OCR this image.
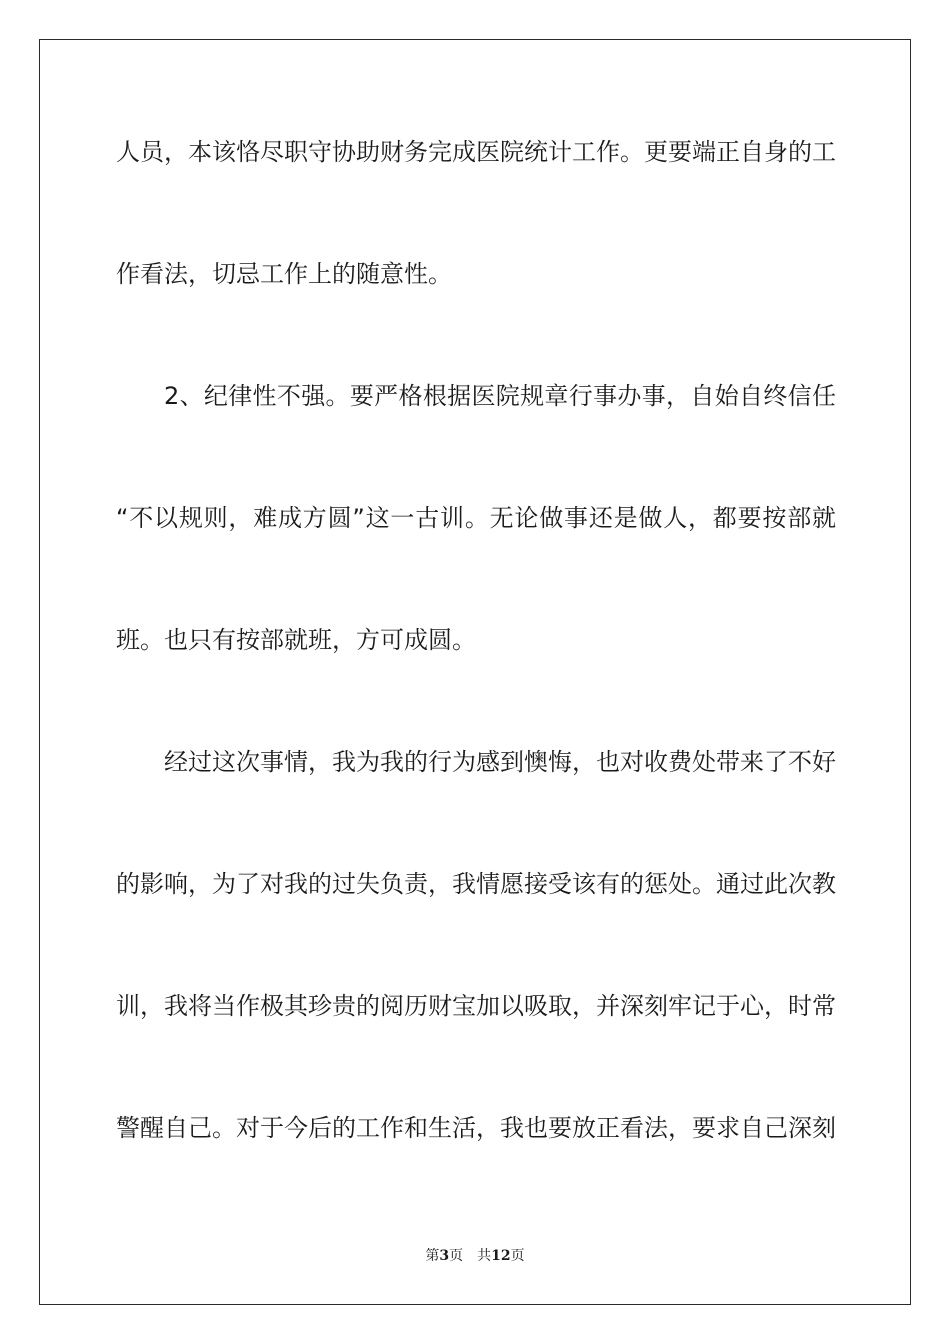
人员，本该恪尽职守协助财务完成医院统计工作。更要端正自身的工

作看法，切忌工作上的随意性。

2、纪律性不强。要严格根据医院规章行事办事，自始自终信任

“不以规则，难成方圆”这一古训。无论做事还是做人，都要按部就

班。也只有按部就班，方可成圆。

经过这次事情，我为我的行为感到懊悔，也对收费处带来了不好

的影响，为了对我的过失负责，我情愿接受该有的惩处。通过此次教

训，我将当作极其珍贵的阅历财宝加以吸取，并深刻牢记于心，时常

警醒自己。对于今后的工作和生活，我也要放正看法，要求自己深刻

第3页 共12页
